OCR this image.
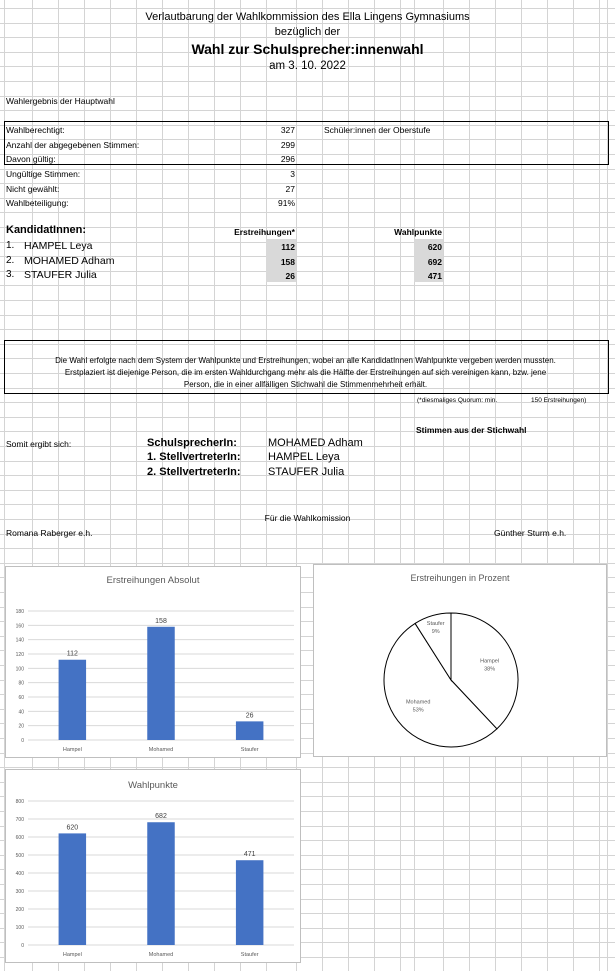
Verlautbarung der Wahlkommission des Ella Lingens Gymnasiums
bezüglich der
Wahl zur Schulsprecher:innenwahl
am 3. 10. 2022
Wahlergebnis der Hauptwahl
Wahlberechtigt:	327
Anzahl der abgegebenen Stimmen:	299
Davon gültig:	296
Schüler:innen der Oberstufe
Ungültige Stimmen:	3
Nicht gewählt:	27
Wahlbeteiligung:	91%
KandidatInnen:	Erstreihungen*	Wahlpunkte
1. HAMPEL Leya	112	620
2. MOHAMED Adham	158	692
3. STAUFER Julia	26	471
Die Wahl erfolgte nach dem System der Wahlpunkte und Erstreihungen, wobei an alle KandidatInnen Wahlpunkte vergeben werden mussten.
Erstplaziert ist diejenige Person, die im ersten Wahldurchgang mehr als die Hälfte der Erstreihungen auf sich vereinigen kann, bzw. jene
Person, die in einer allfälligen Stichwahl die Stimmenmehrheit erhält.
(*diesmaliges Quorum: min.	150 Erstreihungen)
Stimmen aus der Stichwahl
Somit ergibt sich:	SchulsprecherIn:	MOHAMED Adham
1. StellvertreterIn: HAMPEL Leya
2. StellvertreterIn: STAUFER Julia
Für die Wahlkomission
Romana Raberger e.h.	Günther Sturm e.h.
Erstreihungen Absolut
0
20
40
60
80
100
120
140
160
180
112
Hampel
158
Mohamed
26
Staufer
Erstreihungen in Prozent
Hampel
38%
Mohamed
53%
Staufer
9%
Wahlpunkte
0
100
200
300
400
500
600
700
800
620
Hampel
682
Mohamed
471
Staufer
